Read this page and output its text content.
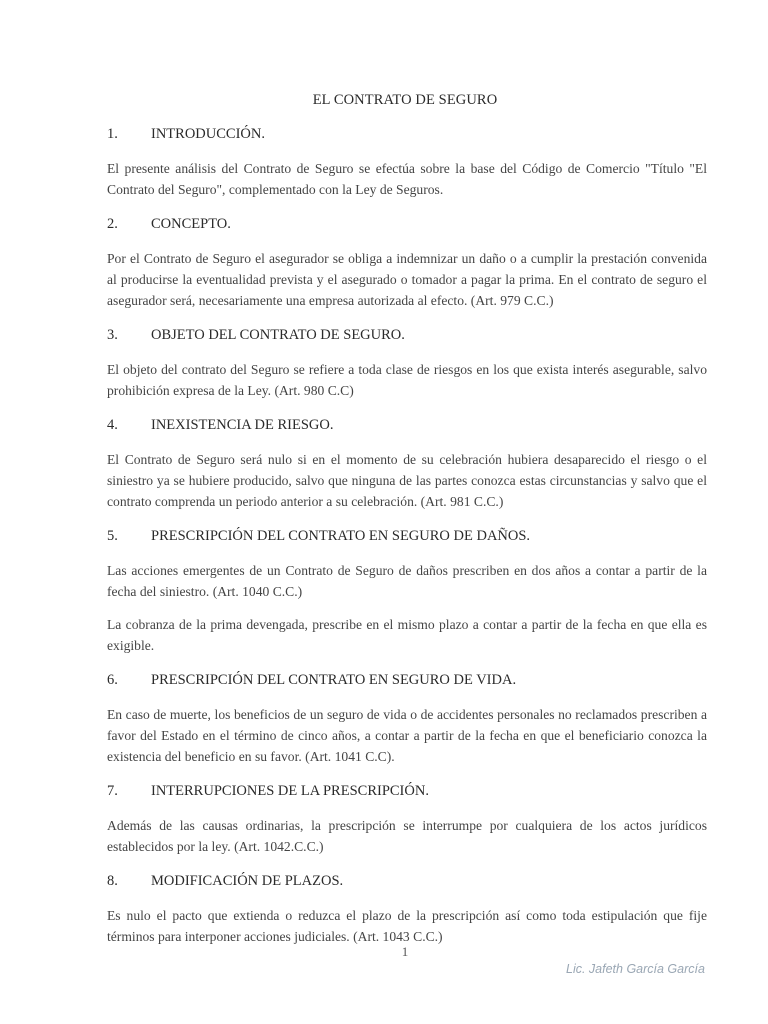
EL CONTRATO DE SEGURO
1.	INTRODUCCIÓN.

El presente análisis del Contrato de Seguro se efectúa sobre la base del Código de Comercio "Título "El Contrato del Seguro", complementado con la Ley de Seguros.

2.	CONCEPTO.

Por el Contrato de Seguro el asegurador se obliga a indemnizar un daño o a cumplir la prestación convenida al producirse la eventualidad prevista y el asegurado o tomador a pagar la prima. En el contrato de seguro el asegurador será, necesariamente una empresa autorizada al efecto. (Art. 979 C.C.)

3.	OBJETO DEL CONTRATO DE SEGURO.

El objeto del contrato del Seguro se refiere a toda clase de riesgos en los que exista interés asegurable, salvo prohibición expresa de la Ley. (Art. 980 C.C)

4.	INEXISTENCIA DE RIESGO.

El Contrato de Seguro será nulo si en el momento de su celebración hubiera desaparecido el riesgo o el siniestro ya se hubiere producido, salvo que ninguna de las partes conozca estas circunstancias y salvo que el contrato comprenda un periodo anterior a su celebración. (Art. 981 C.C.)

5.	PRESCRIPCIÓN DEL CONTRATO EN SEGURO DE DAÑOS.

Las acciones emergentes de un Contrato de Seguro de daños prescriben en dos años a contar a partir de la fecha del siniestro. (Art. 1040 C.C.)

La cobranza de la prima devengada, prescribe en el mismo plazo a contar a partir de la fecha en que ella es exigible.

6.	PRESCRIPCIÓN DEL CONTRATO EN SEGURO DE VIDA.

En caso de muerte, los beneficios de un seguro de vida o de accidentes personales no reclamados prescriben a favor del Estado en el término de cinco años, a contar a partir de la fecha en que el beneficiario conozca la existencia del beneficio en su favor. (Art. 1041 C.C).

7.	INTERRUPCIONES DE LA PRESCRIPCIÓN.

Además de las causas ordinarias, la prescripción se interrumpe por cualquiera de los actos jurídicos establecidos por la ley. (Art. 1042.C.C.)

8.	MODIFICACIÓN DE PLAZOS.

Es nulo el pacto que extienda o reduzca el plazo de la prescripción así como toda estipulación que fije términos para interponer acciones judiciales. (Art. 1043 C.C.)

1
Lic. Jafeth García García
